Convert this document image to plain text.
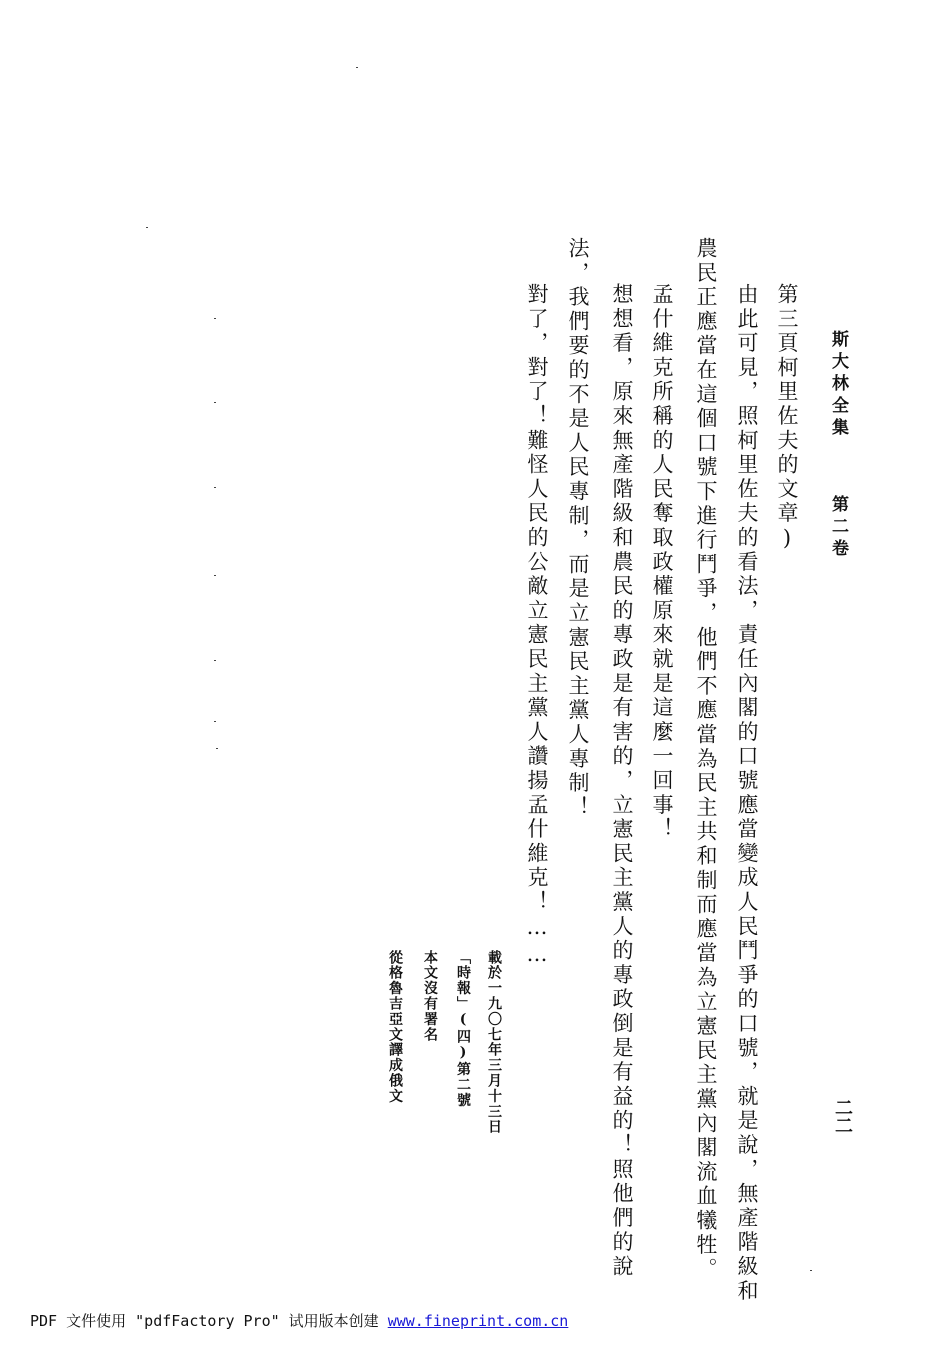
斯大林全集
第二卷
二二
第三頁柯里佐夫的文章)
由此可見，照柯里佐夫的看法，責任內閣的口號應當變成人民鬥爭的口號，就是說，無產階級和
農民正應當在這個口號下進行鬥爭，他們不應當為民主共和制而應當為立憲民主黨內閣流血犧牲。
孟什維克所稱的人民奪取政權原來就是這麼一回事！
想想看，原來無產階級和農民的專政是有害的，立憲民主黨人的專政倒是有益的！照他們的說
法，我們要的不是人民專制，而是立憲民主黨人專制！
對了，對了！難怪人民的公敵立憲民主黨人讚揚孟什維克！……
載於一九〇七年三月十三日
「時報」(四)第二號
本文沒有署名
從格魯吉亞文譯成俄文
PDF 文件使用 "pdfFactory Pro" 试用版本创建 www.fineprint.com.cn
